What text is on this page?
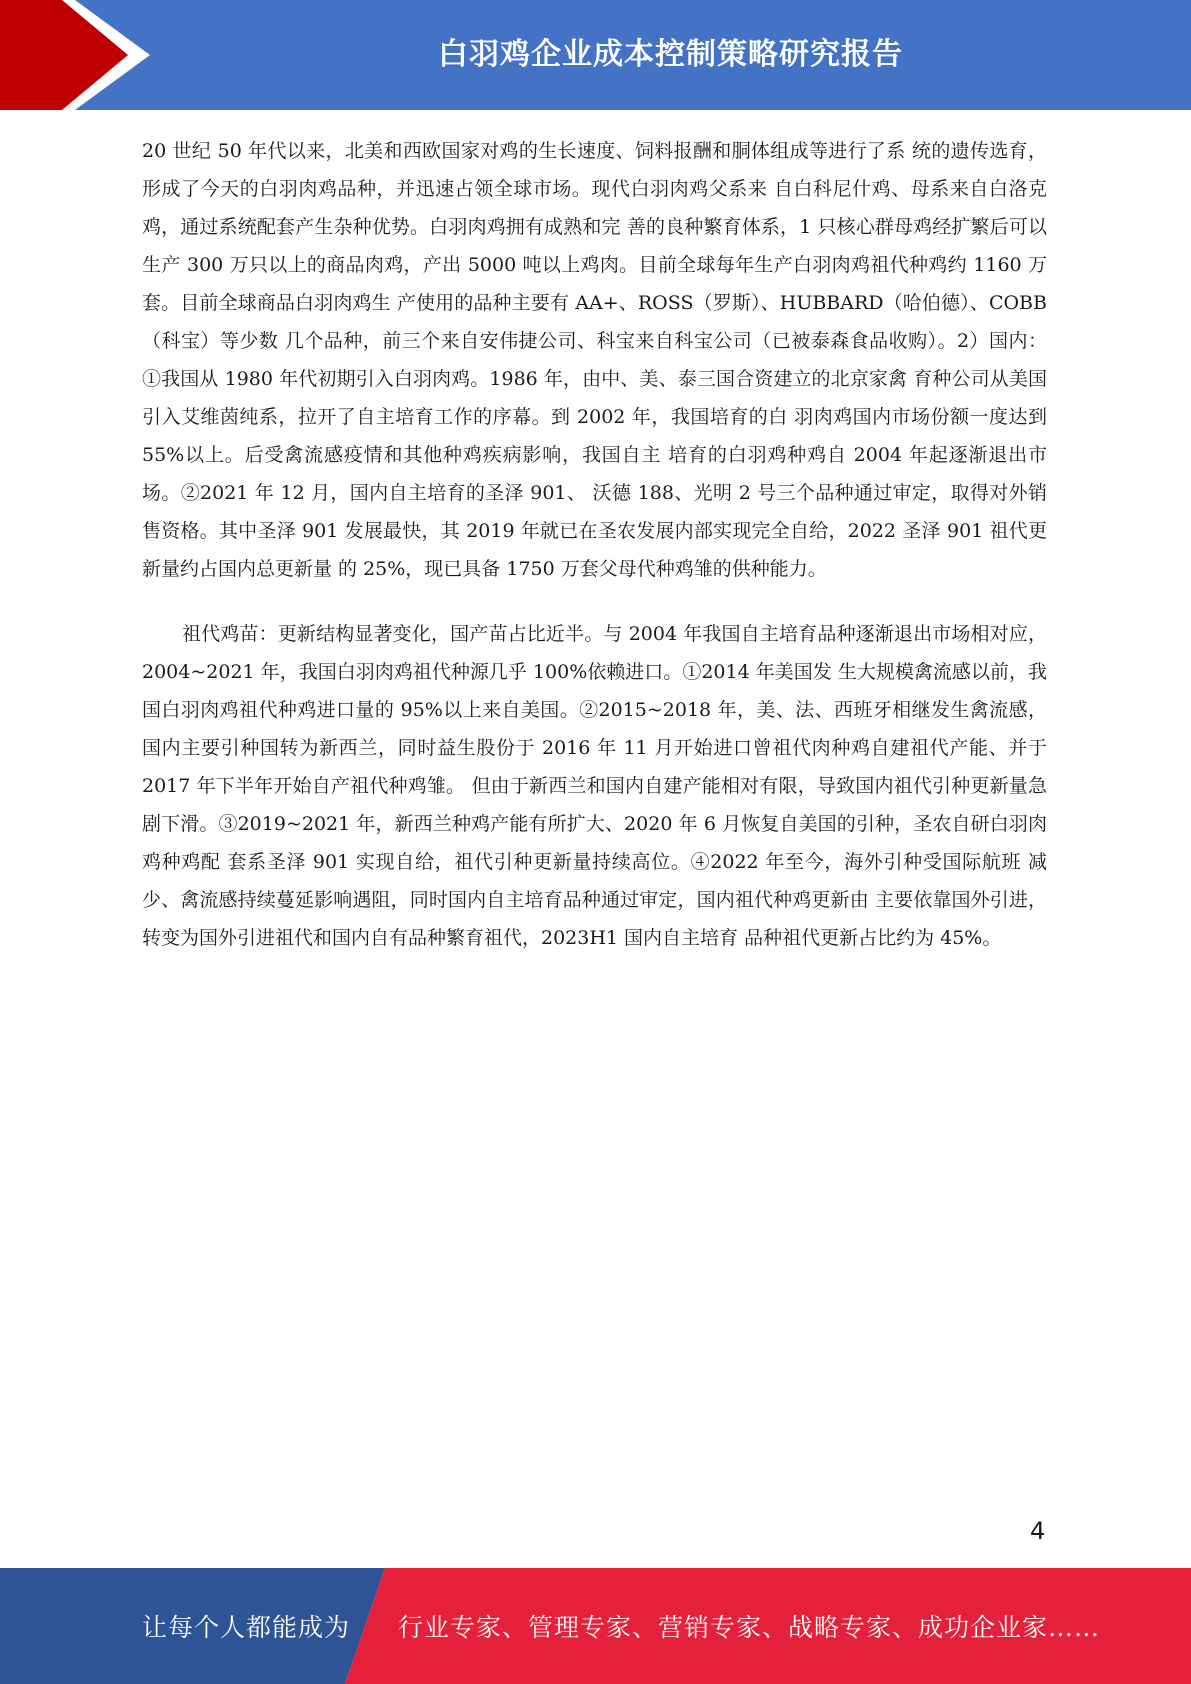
白羽鸡企业成本控制策略研究报告

20 世纪 50 年代以来，北美和西欧国家对鸡的生长速度、饲料报酬和胴体组成等进行了系 统的遗传选育，形成了今天的白羽肉鸡品种，并迅速占领全球市场。现代白羽肉鸡父系来 自白科尼什鸡、母系来自白洛克鸡，通过系统配套产生杂种优势。白羽肉鸡拥有成熟和完 善的良种繁育体系，1 只核心群母鸡经扩繁后可以生产 300 万只以上的商品肉鸡，产出 5000 吨以上鸡肉。目前全球每年生产白羽肉鸡祖代种鸡约 1160 万套。目前全球商品白羽肉鸡生 产使用的品种主要有 AA+、ROSS（罗斯）、HUBBARD（哈伯德）、COBB（科宝）等少数 几个品种，前三个来自安伟捷公司、科宝来自科宝公司（已被泰森食品收购）。2）国内： ①我国从 1980 年代初期引入白羽肉鸡。1986 年，由中、美、泰三国合资建立的北京家禽 育种公司从美国引入艾维茵纯系，拉开了自主培育工作的序幕。到 2002 年，我国培育的白 羽肉鸡国内市场份额一度达到 55%以上。后受禽流感疫情和其他种鸡疾病影响，我国自主 培育的白羽鸡种鸡自 2004 年起逐渐退出市场。②2021 年 12 月，国内自主培育的圣泽 901、 沃德 188、光明 2 号三个品种通过审定，取得对外销售资格。其中圣泽 901 发展最快，其 2019 年就已在圣农发展内部实现完全自给，2022 圣泽 901 祖代更新量约占国内总更新量 的 25%，现已具备 1750 万套父母代种鸡雏的供种能力。

祖代鸡苗：更新结构显著变化，国产苗占比近半。与 2004 年我国自主培育品种逐渐退出市场相对应，2004~2021 年，我国白羽肉鸡祖代种源几乎 100%依赖进口。①2014 年美国发 生大规模禽流感以前，我国白羽肉鸡祖代种鸡进口量的 95%以上来自美国。②2015~2018 年，美、法、西班牙相继发生禽流感，国内主要引种国转为新西兰，同时益生股份于 2016 年 11 月开始进口曾祖代肉种鸡自建祖代产能、并于 2017 年下半年开始自产祖代种鸡雏。 但由于新西兰和国内自建产能相对有限，导致国内祖代引种更新量急剧下滑。③2019~2021 年，新西兰种鸡产能有所扩大、2020 年 6 月恢复自美国的引种，圣农自研白羽肉鸡种鸡配 套系圣泽 901 实现自给，祖代引种更新量持续高位。④2022 年至今，海外引种受国际航班 减少、禽流感持续蔓延影响遇阻，同时国内自主培育品种通过审定，国内祖代种鸡更新由 主要依靠国外引进，转变为国外引进祖代和国内自有品种繁育祖代，2023H1 国内自主培育 品种祖代更新占比约为 45%。

4
让每个人都能成为 行业专家、管理专家、营销专家、战略专家、成功企业家……
